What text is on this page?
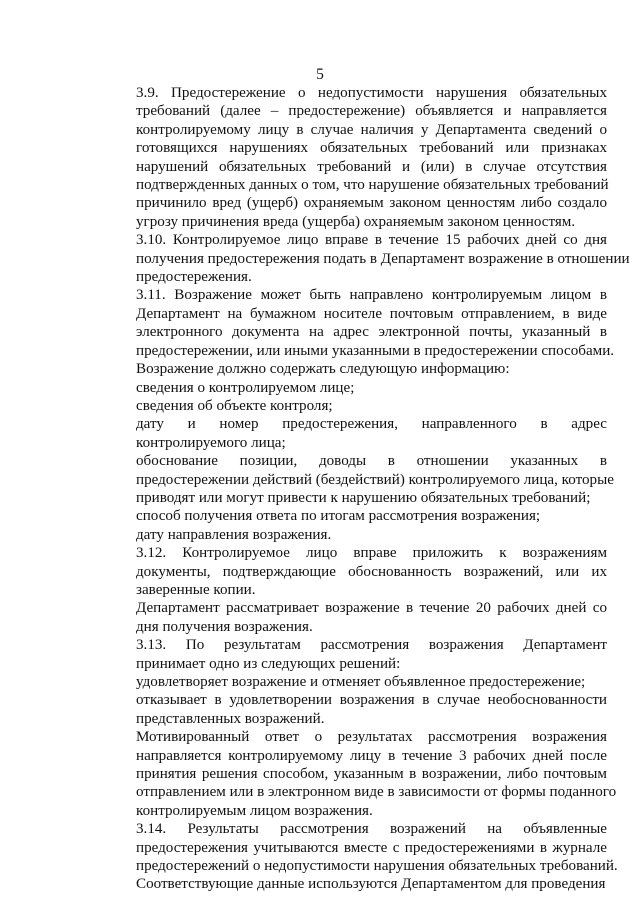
5

3.9. Предостережение о недопустимости нарушения обязательных
требований (далее – предостережение) объявляется и направляется
контролируемому лицу в случае наличия у Департамента сведений о
готовящихся нарушениях обязательных требований или признаках
нарушений обязательных требований и (или) в случае отсутствия
подтвержденных данных о том, что нарушение обязательных требований
причинило вред (ущерб) охраняемым законом ценностям либо создало
угрозу причинения вреда (ущерба) охраняемым законом ценностям.

3.10. Контролируемое лицо вправе в течение 15 рабочих дней со дня
получения предостережения подать в Департамент возражение в отношении
предостережения.

3.11. Возражение может быть направлено контролируемым лицом в
Департамент на бумажном носителе почтовым отправлением, в виде
электронного документа на адрес электронной почты, указанный в
предостережении, или иными указанными в предостережении способами.

Возражение должно содержать следующую информацию:

сведения о контролируемом лице;

сведения об объекте контроля;

дату и номер предостережения, направленного в адрес
контролируемого лица;

обоснование позиции, доводы в отношении указанных в
предостережении действий (бездействий) контролируемого лица, которые
приводят или могут привести к нарушению обязательных требований;

способ получения ответа по итогам рассмотрения возражения;

дату направления возражения.

3.12. Контролируемое лицо вправе приложить к возражениям
документы, подтверждающие обоснованность возражений, или их
заверенные копии.

Департамент рассматривает возражение в течение 20 рабочих дней со
дня получения возражения.

3.13. По результатам рассмотрения возражения Департамент
принимает одно из следующих решений:

удовлетворяет возражение и отменяет объявленное предостережение;

отказывает в удовлетворении возражения в случае необоснованности
представленных возражений.

Мотивированный ответ о результатах рассмотрения возражения
направляется контролируемому лицу в течение 3 рабочих дней после
принятия решения способом, указанным в возражении, либо почтовым
отправлением или в электронном виде в зависимости от формы поданного
контролируемым лицом возражения.

3.14. Результаты рассмотрения возражений на объявленные
предостережения учитываются вместе с предостережениями в журнале
предостережений о недопустимости нарушения обязательных требований.
Соответствующие данные используются Департаментом для проведения
